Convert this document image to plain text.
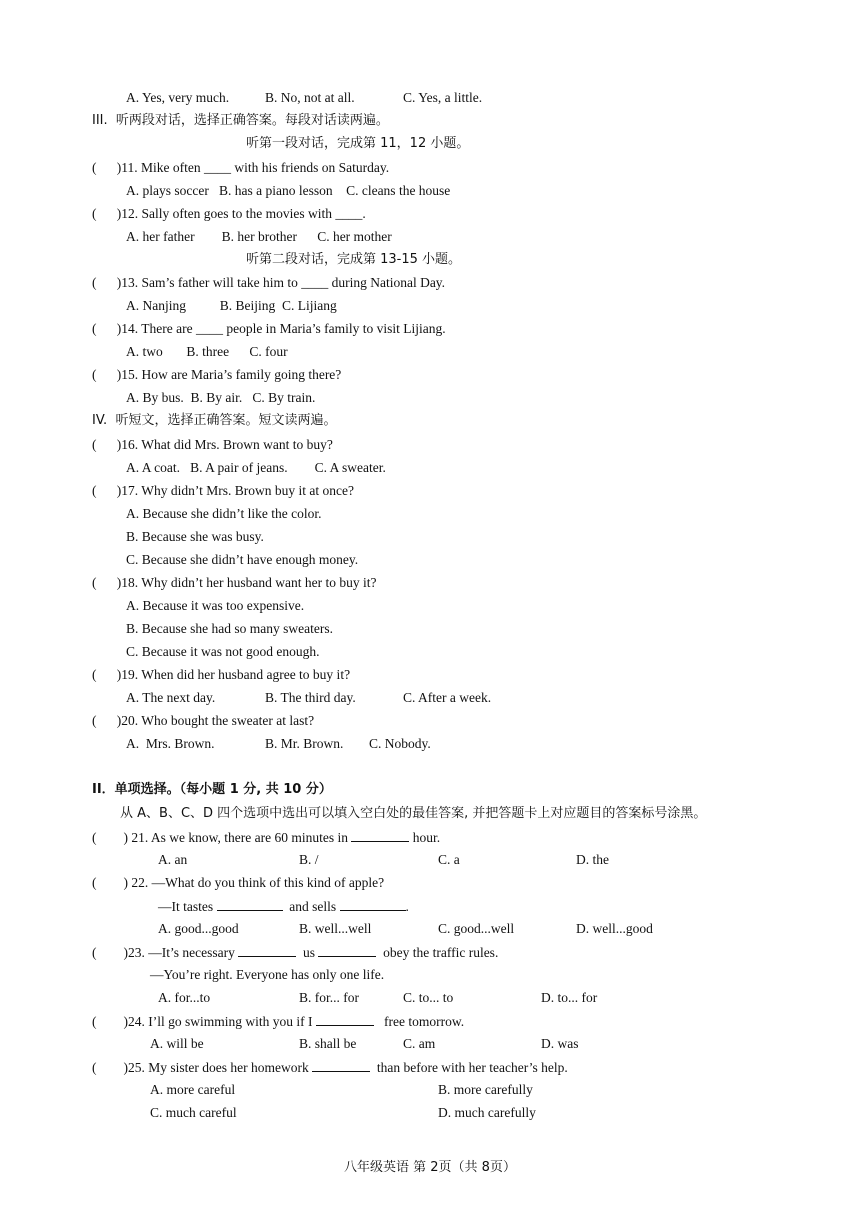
A. Yes, very much.	B. No, not at all.	C. Yes, a little.
III.  听两段对话，选择正确答案。每段对话读两遍。
听第一段对话，完成第 11，12 小题。
(      )11. Mike often ____ with his friends on Saturday.
A. plays soccer   B. has a piano lesson    C. cleans the house
(      )12. Sally often goes to the movies with ____.
A. her father        B. her brother      C. her mother
听第二段对话，完成第 13-15 小题。
(      )13. Sam’s father will take him to ____ during National Day.
A. Nanjing          B. Beijing  C. Lijiang
(      )14. There are ____ people in Maria’s family to visit Lijiang.
A. two       B. three      C. four
(      )15. How are Maria’s family going there?
A. By bus.  B. By air.   C. By train.
IV.  听短文，选择正确答案。短文读两遍。
(      )16. What did Mrs. Brown want to buy?
A. A coat.   B. A pair of jeans.        C. A sweater.
(      )17. Why didn’t Mrs. Brown buy it at once?
A. Because she didn’t like the color.
B. Because she was busy.
C. Because she didn’t have enough money.
(      )18. Why didn’t her husband want her to buy it?
A. Because it was too expensive.
B. Because she had so many sweaters.
C. Because it was not good enough.
(      )19. When did her husband agree to buy it?
A. The next day.	B. The third day.	C. After a week.
(      )20. Who bought the sweater at last?
A.  Mrs. Brown.	B. Mr. Brown. C. Nobody.
II．单项选择。（每小题 1 分, 共 10 分）
从 A、B、C、D 四个选项中选出可以填入空白处的最佳答案, 并把答题卡上对应题目的答案标号涂黑。
(        ) 21. As we know, there are 60 minutes in	hour.
A. an	B. /	C. a	D. the
(        ) 22. —What do you think of this kind of apple?
—It tastes	and sells	.
A. good...good	B. well...well	C. good...well	D. well...good
(        )23. —It’s necessary	us	obey the traffic rules.
—You’re right. Everyone has only one life.
A. for...to	B. for... for	C. to... to	D. to... for
(        )24. I’ll go swimming with you if I	free tomorrow.
A. will be	B. shall be	C. am	D. was
(        )25. My sister does her homework	than before with her teacher’s help.
A. more careful	B. more carefully
C. much careful	D. much carefully
八年级英语 第 2页（共 8页）
